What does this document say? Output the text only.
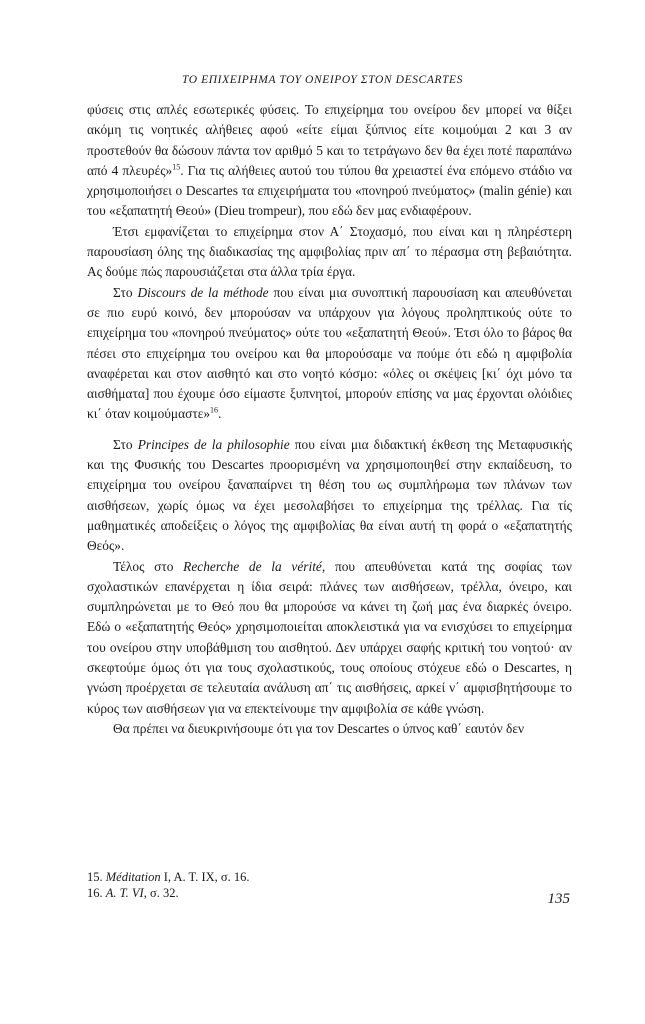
ΤΟ ΕΠΙΧΕΙΡΗΜΑ ΤΟΥ ΟΝΕΙΡΟΥ ΣΤΟΝ DESCARTES

φύσεις στις απλές εσωτερικές φύσεις. Το επιχείρημα του ονείρου δεν μπορεί να θίξει ακόμη τις νοητικές αλήθειες αφού «είτε είμαι ξύπνιος είτε κοιμούμαι 2 και 3 αν προστεθούν θα δώσουν πάντα τον αριθμό 5 και το τετράγωνο δεν θα έχει ποτέ παραπάνω από 4 πλευρές»$^{15}$. Για τις αλήθειες αυτού του τύπου θα χρειαστεί ένα επόμενο στάδιο να χρησιμοποιήσει ο Descartes τα επιχειρήματα του «πονηρού πνεύματος» (malin génie) και του «εξαπατητή Θεού» (Dieu trompeur), που εδώ δεν μας ενδιαφέρουν.

Έτσι εμφανίζεται το επιχείρημα στον Α΄ Στοχασμό, που είναι και η πληρέστερη παρουσίαση όλης της διαδικασίας της αμφιβολίας πριν απ΄ το πέρασμα στη βεβαιότητα. Ας δούμε πώς παρουσιάζεται στα άλλα τρία έργα.

Στο Discours de la méthode που είναι μια συνοπτική παρουσίαση και απευθύνεται σε πιο ευρύ κοινό, δεν μπορούσαν να υπάρχουν για λόγους προληπτικούς ούτε το επιχείρημα του «πονηρού πνεύματος» ούτε του «εξαπατητή Θεού». Έτσι όλο το βάρος θα πέσει στο επιχείρημα του ονείρου και θα μπορούσαμε να πούμε ότι εδώ η αμφιβολία αναφέρεται και στον αισθητό και στο νοητό κόσμο: «όλες οι σκέψεις [κι΄ όχι μόνο τα αισθήματα] που έχουμε όσο είμαστε ξυπνητοί, μπορούν επίσης να μας έρχονται ολόιδιες κι΄ όταν κοιμούμαστε»$^{16}$.

Στο Principes de la philosophie που είναι μια διδακτική έκθεση της Μεταφυσικής και της Φυσικής του Descartes προορισμένη να χρησιμοποιηθεί στην εκπαίδευση, το επιχείρημα του ονείρου ξαναπαίρνει τη θέση του ως συμπλήρωμα των πλάνων των αισθήσεων, χωρίς όμως να έχει μεσολαβήσει το επιχείρημα της τρέλλας. Για τίς μαθηματικές αποδείξεις ο λόγος της αμφιβολίας θα είναι αυτή τη φορά ο «εξαπατητής Θεός».

Τέλος στο Recherche de la vérité, που απευθύνεται κατά της σοφίας των σχολαστικών επανέρχεται η ίδια σειρά: πλάνες των αισθήσεων, τρέλλα, όνειρο, και συμπληρώνεται με το Θεό που θα μπορούσε να κάνει τη ζωή μας ένα διαρκές όνειρο. Εδώ ο «εξαπατητής Θεός» χρησιμοποιείται αποκλειστικά για να ενισχύσει το επιχείρημα του ονείρου στην υποβάθμιση του αισθητού. Δεν υπάρχει σαφής κριτική του νοητού· αν σκεφτούμε όμως ότι για τους σχολαστικούς, τους οποίους στόχευε εδώ ο Descartes, η γνώση προέρχεται σε τελευταία ανάλυση απ΄ τις αισθήσεις, αρκεί ν΄ αμφισβητήσουμε το κύρος των αισθήσεων για να επεκτείνουμε την αμφιβολία σε κάθε γνώση.

Θα πρέπει να διευκρινήσουμε ότι για τον Descartes ο ύπνος καθ΄ εαυτόν δεν

15. Méditation I, A. T. IX, σ. 16.
16. A. T. VI, σ. 32.	135
